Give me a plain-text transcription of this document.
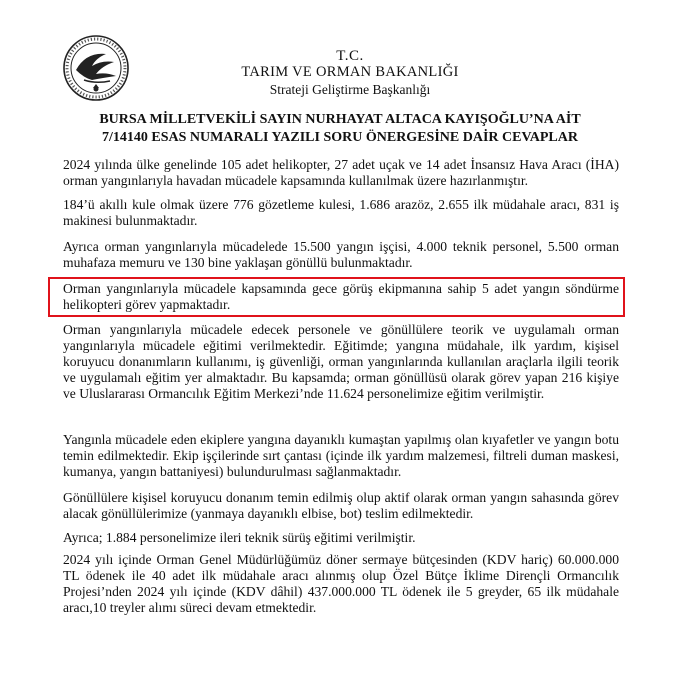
T.C.
TARIM VE ORMAN BAKANLIĞI
Strateji Geliştirme Başkanlığı
BURSA MİLLETVEKİLİ SAYIN NURHAYAT ALTACA KAYIŞOĞLU’NA AİT
7/14140 ESAS NUMARALI YAZILI SORU ÖNERGESİNE DAİR CEVAPLAR
2024 yılında ülke genelinde 105 adet helikopter, 27 adet uçak ve 14 adet İnsansız Hava Aracı (İHA) orman yangınlarıyla havadan mücadele kapsamında kullanılmak üzere hazırlanmıştır.
184’ü akıllı kule olmak üzere 776 gözetleme kulesi, 1.686 arazöz, 2.655 ilk müdahale aracı, 831 iş makinesi bulunmaktadır.
Ayrıca orman yangınlarıyla mücadelede 15.500 yangın işçisi, 4.000 teknik personel, 5.500 orman muhafaza memuru ve 130 bine yaklaşan gönüllü bulunmaktadır.
Orman yangınlarıyla mücadele kapsamında gece görüş ekipmanına sahip 5 adet yangın söndürme helikopteri görev yapmaktadır.
Orman yangınlarıyla mücadele edecek personele ve gönüllülere teorik ve uygulamalı orman yangınlarıyla mücadele eğitimi verilmektedir. Eğitimde; yangına müdahale, ilk yardım, kişisel koruyucu donanımların kullanımı, iş güvenliği, orman yangınlarında kullanılan araçlarla ilgili teorik ve uygulamalı eğitim yer almaktadır. Bu kapsamda; orman gönüllüsü olarak görev yapan 216 kişiye ve Uluslararası Ormancılık Eğitim Merkezi’nde 11.624 personelimize eğitim verilmiştir.
Yangınla mücadele eden ekiplere yangına dayanıklı kumaştan yapılmış olan kıyafetler ve yangın botu temin edilmektedir. Ekip işçilerinde sırt çantası (içinde ilk yardım malzemesi, filtreli duman maskesi, kumanya, yangın battaniyesi) bulundurulması sağlanmaktadır.
Gönüllülere kişisel koruyucu donanım temin edilmiş olup aktif olarak orman yangın sahasında görev alacak gönüllülerimize (yanmaya dayanıklı elbise, bot) teslim edilmektedir.
Ayrıca; 1.884 personelimize ileri teknik sürüş eğitimi verilmiştir.
2024 yılı içinde Orman Genel Müdürlüğümüz döner sermaye bütçesinden (KDV hariç) 60.000.000 TL ödenek ile 40 adet ilk müdahale aracı alınmış olup Özel Bütçe İklime Dirençli Ormancılık Projesi’nden 2024 yılı içinde (KDV dâhil) 437.000.000 TL ödenek ile 5 greyder, 65 ilk müdahale aracı,10 treyler alımı süreci devam etmektedir.
